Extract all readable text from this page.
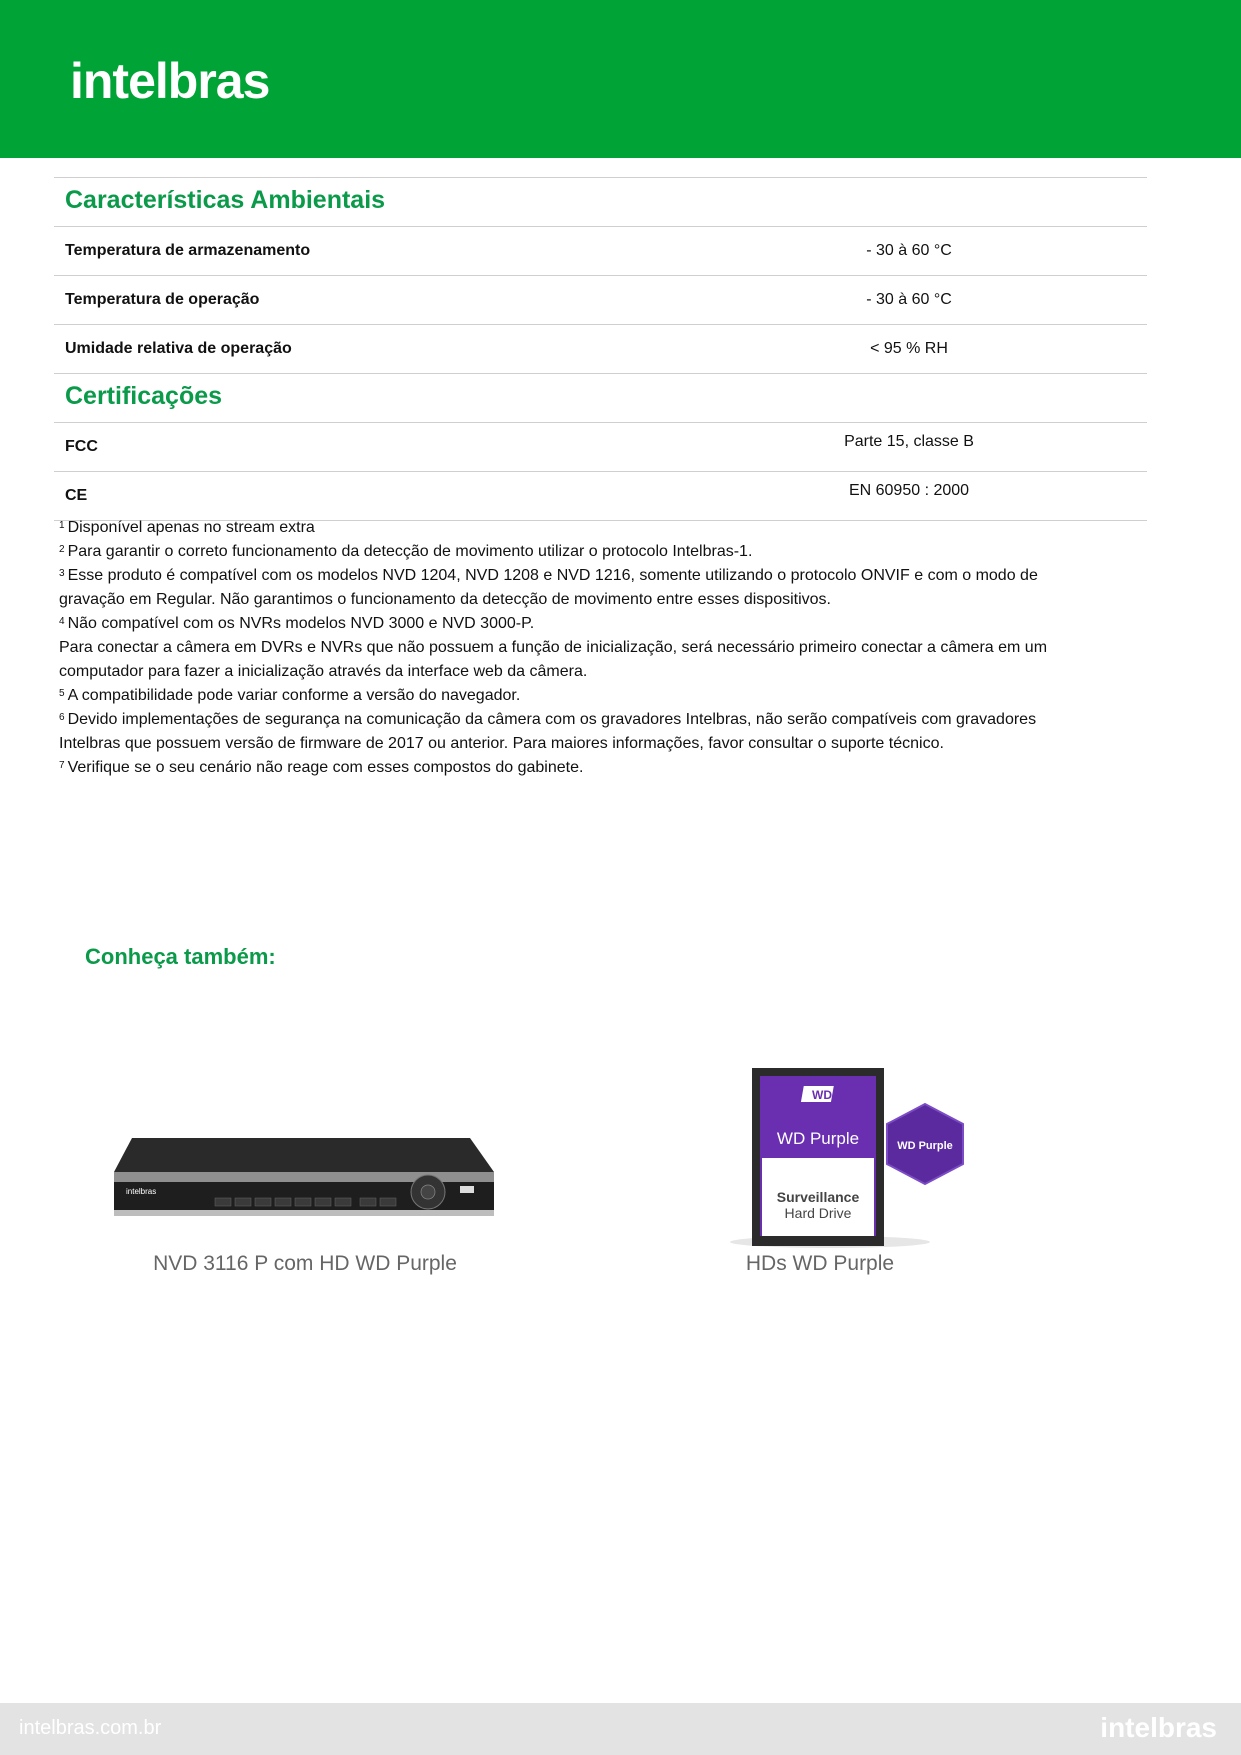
intelbras
Características Ambientais
Temperatura de armazenamento	- 30 à 60 °C
Temperatura de operação	- 30 à 60 °C
Umidade relativa de operação	< 95 % RH
Certificações
FCC	Parte 15, classe B
CE	EN 60950 : 2000

$^1$ Disponível apenas no stream extra

$^2$ Para garantir o correto funcionamento da detecção de movimento utilizar o protocolo Intelbras-1.

$^3$ Esse produto é compatível com os modelos NVD 1204, NVD 1208 e NVD 1216, somente utilizando o protocolo ONVIF e com o modo de gravação em Regular. Não garantimos o funcionamento da detecção de movimento entre esses dispositivos.

$^4$ Não compatível com os NVRs modelos NVD 3000 e NVD 3000-P.

Para conectar a câmera em DVRs e NVRs que não possuem a função de inicialização, será necessário primeiro conectar a câmera em um computador para fazer a inicialização através da interface web da câmera.

$^5$ A compatibilidade pode variar conforme a versão do navegador.

$^6$ Devido implementações de segurança na comunicação da câmera com os gravadores Intelbras, não serão compatíveis com gravadores Intelbras que possuem versão de firmware de 2017 ou anterior. Para maiores informações, favor consultar o suporte técnico.

$^7$ Verifique se o seu cenário não reage com esses compostos do gabinete.

Conheça também:
intelbras
NVD 3116 P com HD WD Purple
WD
WD Purple
Surveillance
Hard Drive
WD Purple
HDs WD Purple
intelbras.com.br	intelbras
